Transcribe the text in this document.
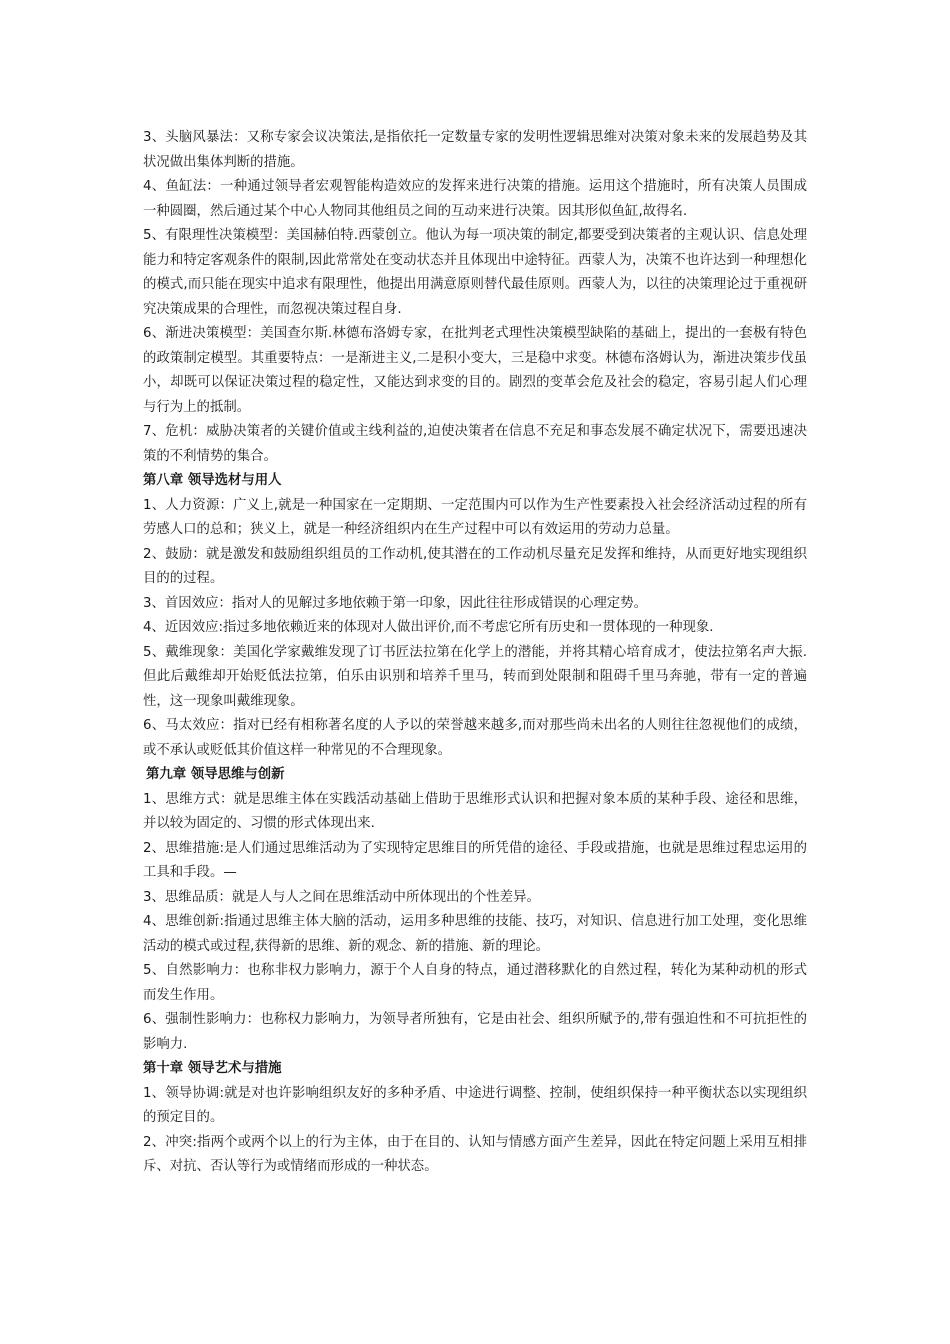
3、头脑风暴法：又称专家会议决策法,是指依托一定数量专家的发明性逻辑思维对决策对象未来的发展趋势及其状况做出集体判断的措施。

4、鱼缸法：一种通过领导者宏观智能构造效应的发挥来进行决策的措施。运用这个措施时，所有决策人员围成一种圆圈，然后通过某个中心人物同其他组员之间的互动来进行决策。因其形似鱼缸,故得名.

5、有限理性决策模型：美国赫伯特.西蒙创立。他认为每一项决策的制定,都要受到决策者的主观认识、信息处理能力和特定客观条件的限制,因此常常处在变动状态并且体现出中途特征。西蒙人为，决策不也许达到一种理想化的模式,而只能在现实中追求有限理性，他提出用满意原则替代最佳原则。西蒙人为，以往的决策理论过于重视研究决策成果的合理性，而忽视决策过程自身.

6、渐进决策模型：美国查尔斯.林德布洛姆专家，在批判老式理性决策模型缺陷的基础上，提出的一套极有特色的政策制定模型。其重要特点：一是渐进主义,二是积小变大，三是稳中求变。林德布洛姆认为，渐进决策步伐虽小，却既可以保证决策过程的稳定性，又能达到求变的目的。剧烈的变革会危及社会的稳定，容易引起人们心理与行为上的抵制。

7、危机：威胁决策者的关键价值或主线利益的,迫使决策者在信息不充足和事态发展不确定状况下，需要迅速决策的不利情势的集合。

第八章 领导选材与用人

1、人力资源：广义上,就是一种国家在一定期期、一定范围内可以作为生产性要素投入社会经济活动过程的所有劳感人口的总和；狭义上，就是一种经济组织内在生产过程中可以有效运用的劳动力总量。

2、鼓励：就是激发和鼓励组织组员的工作动机,使其潜在的工作动机尽量充足发挥和维持，从而更好地实现组织目的的过程。

3、首因效应：指对人的见解过多地依赖于第一印象，因此往往形成错误的心理定势。

4、近因效应:指过多地依赖近来的体现对人做出评价,而不考虑它所有历史和一贯体现的一种现象.

5、戴维现象：美国化学家戴维发现了订书匠法拉第在化学上的潜能，并将其精心培育成才，使法拉第名声大振.但此后戴维却开始贬低法拉第，伯乐由识别和培养千里马，转而到处限制和阻碍千里马奔驰，带有一定的普遍性，这一现象叫戴维现象。

6、马太效应：指对已经有相称著名度的人予以的荣誉越来越多,而对那些尚未出名的人则往往忽视他们的成绩，或不承认或贬低其价值这样一种常见的不合理现象。

第九章 领导思维与创新

1、思维方式：就是思维主体在实践活动基础上借助于思维形式认识和把握对象本质的某种手段、途径和思维，并以较为固定的、习惯的形式体现出来.

2、思维措施:是人们通过思维活动为了实现特定思维目的所凭借的途径、手段或措施，也就是思维过程忠运用的工具和手段。—

3、思维品质：就是人与人之间在思维活动中所体现出的个性差异。

4、思维创新:指通过思维主体大脑的活动，运用多种思维的技能、技巧，对知识、信息进行加工处理，变化思维活动的模式或过程,获得新的思维、新的观念、新的措施、新的理论。

5、自然影响力：也称非权力影响力，源于个人自身的特点，通过潜移默化的自然过程，转化为某种动机的形式而发生作用。

6、强制性影响力：也称权力影响力，为领导者所独有，它是由社会、组织所赋予的,带有强迫性和不可抗拒性的影响力.

第十章 领导艺术与措施

1、领导协调:就是对也许影响组织友好的多种矛盾、中途进行调整、控制，使组织保持一种平衡状态以实现组织的预定目的。

2、冲突:指两个或两个以上的行为主体，由于在目的、认知与情感方面产生差异，因此在特定问题上采用互相排斥、对抗、否认等行为或情绪而形成的一种状态。
